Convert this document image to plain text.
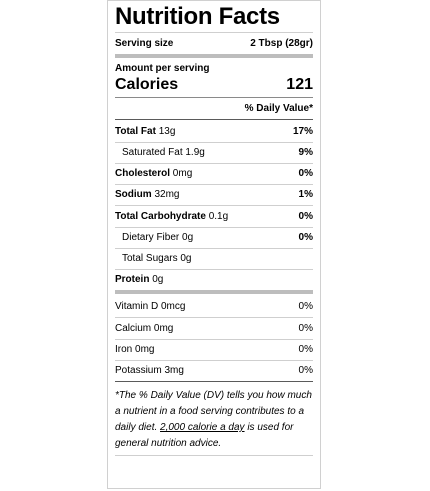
Nutrition Facts
Serving size	2 Tbsp (28gr)
Amount per serving
Calories	121
% Daily Value*
Total Fat 13g	17%
Saturated Fat 1.9g	9%
Cholesterol 0mg	0%
Sodium 32mg	1%
Total Carbohydrate 0.1g	0%
Dietary Fiber 0g	0%
Total Sugars 0g
Protein 0g
Vitamin D 0mcg	0%
Calcium 0mg	0%
Iron 0mg	0%
Potassium 3mg	0%
*The % Daily Value (DV) tells you how much a nutrient in a food serving contributes to a daily diet. 2,000 calorie a day is used for general nutrition advice.
